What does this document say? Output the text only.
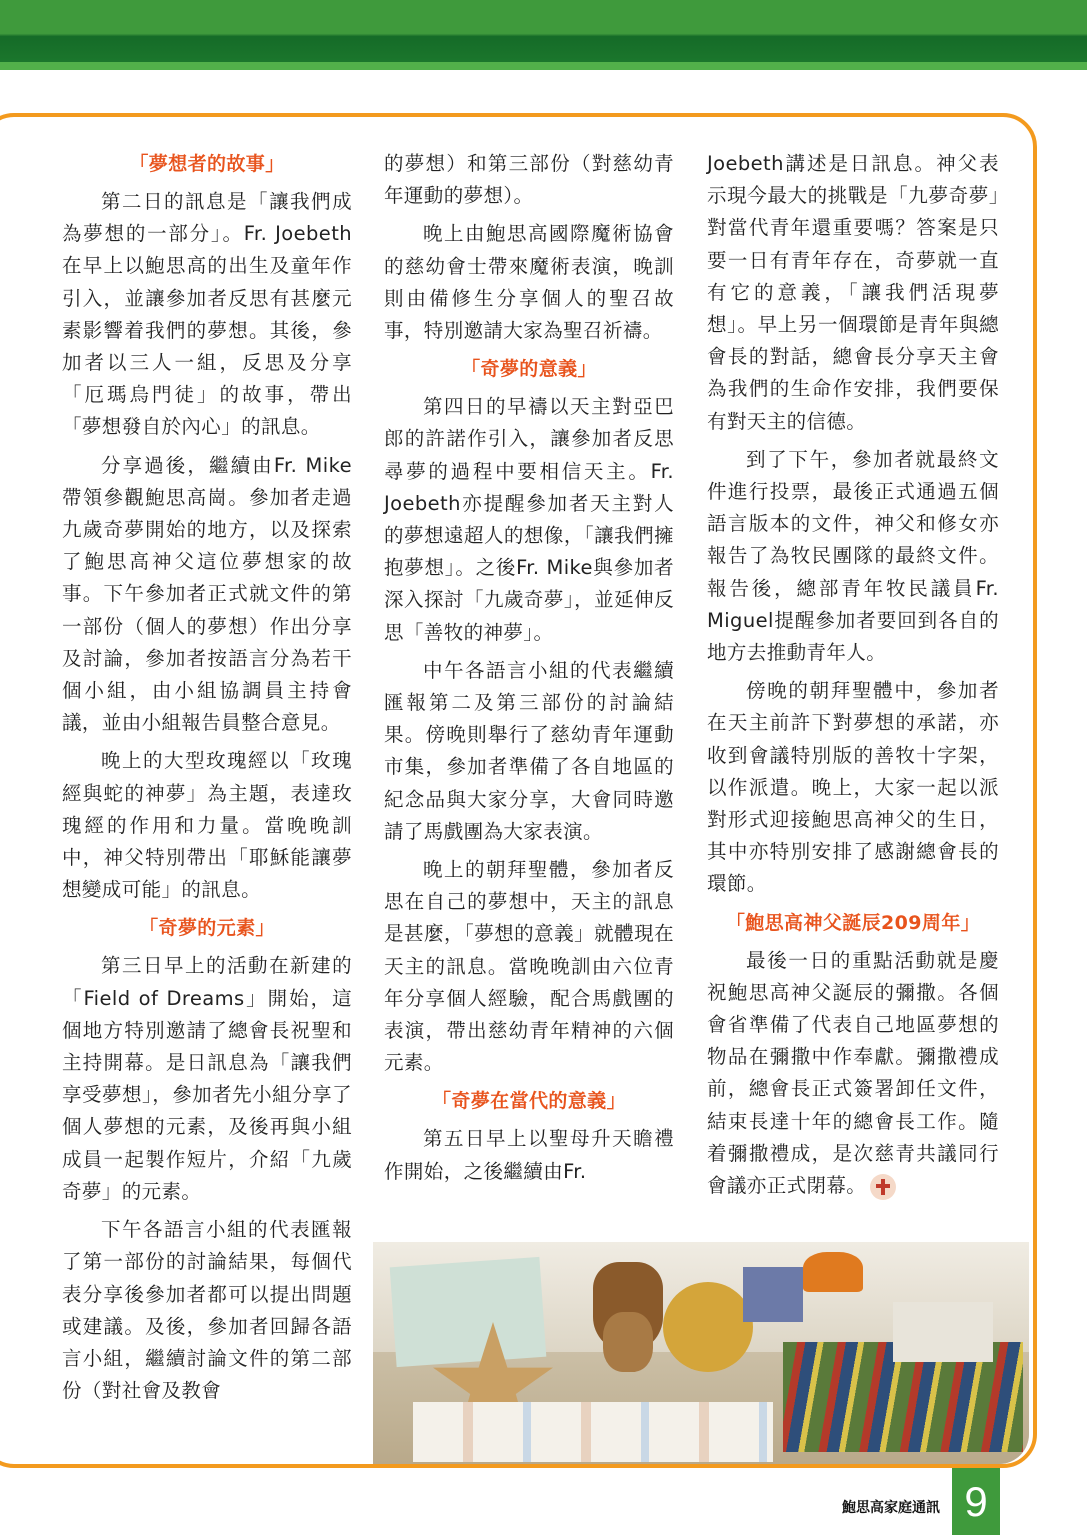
「夢想者的故事」

第二日的訊息是「讓我們成為夢想的一部分」。Fr. Joebeth在早上以鮑思高的出生及童年作引入，並讓參加者反思有甚麼元素影響着我們的夢想。其後，參加者以三人一組，反思及分享「厄瑪烏門徒」的故事，帶出「夢想發自於內心」的訊息。

分享過後，繼續由Fr. Mike帶領參觀鮑思高崗。參加者走過九歲奇夢開始的地方，以及探索了鮑思高神父這位夢想家的故事。下午參加者正式就文件的第一部份（個人的夢想）作出分享及討論，參加者按語言分為若干個小組，由小組協調員主持會議，並由小組報告員整合意見。

晚上的大型玫瑰經以「玫瑰經與蛇的神夢」為主題，表達玫瑰經的作用和力量。當晚晚訓中，神父特別帶出「耶穌能讓夢想變成可能」的訊息。

「奇夢的元素」

第三日早上的活動在新建的「Field of Dreams」開始，這個地方特別邀請了總會長祝聖和主持開幕。是日訊息為「讓我們享受夢想」，參加者先小組分享了個人夢想的元素，及後再與小組成員一起製作短片，介紹「九歲奇夢」的元素。

下午各語言小組的代表匯報了第一部份的討論結果，每個代表分享後參加者都可以提出問題或建議。及後，參加者回歸各語言小組，繼續討論文件的第二部份（對社會及教會

的夢想）和第三部份（對慈幼青年運動的夢想）。

晚上由鮑思高國際魔術協會的慈幼會士帶來魔術表演，晚訓則由備修生分享個人的聖召故事，特別邀請大家為聖召祈禱。

「奇夢的意義」

第四日的早禱以天主對亞巴郎的許諾作引入，讓參加者反思尋夢的過程中要相信天主。Fr. Joebeth亦提醒參加者天主對人的夢想遠超人的想像，「讓我們擁抱夢想」。之後Fr. Mike與參加者深入探討「九歲奇夢」，並延伸反思「善牧的神夢」。

中午各語言小組的代表繼續匯報第二及第三部份的討論結果。傍晚則舉行了慈幼青年運動市集，參加者準備了各自地區的紀念品與大家分享，大會同時邀請了馬戲團為大家表演。

晚上的朝拜聖體，參加者反思在自己的夢想中，天主的訊息是甚麼，「夢想的意義」就體現在天主的訊息。當晚晚訓由六位青年分享個人經驗，配合馬戲團的表演，帶出慈幼青年精神的六個元素。

「奇夢在當代的意義」

第五日早上以聖母升天瞻禮作開始，之後繼續由Fr.

Joebeth講述是日訊息。神父表示現今最大的挑戰是「九夢奇夢」對當代青年還重要嗎？答案是只要一日有青年存在，奇夢就一直有它的意義，「讓我們活現夢想」。早上另一個環節是青年與總會長的對話，總會長分享天主會為我們的生命作安排，我們要保有對天主的信德。

到了下午，參加者就最終文件進行投票，最後正式通過五個語言版本的文件，神父和修女亦報告了為牧民團隊的最終文件。報告後，總部青年牧民議員Fr. Miguel提醒參加者要回到各自的地方去推動青年人。

傍晚的朝拜聖體中，參加者在天主前許下對夢想的承諾，亦收到會議特別版的善牧十字架，以作派遣。晚上，大家一起以派對形式迎接鮑思高神父的生日，其中亦特別安排了感謝總會長的環節。

「鮑思高神父誕辰209周年」

最後一日的重點活動就是慶祝鮑思高神父誕辰的彌撒。各個會省準備了代表自己地區夢想的物品在彌撒中作奉獻。彌撒禮成前，總會長正式簽署卸任文件，結束長達十年的總會長工作。隨着彌撒禮成，是次慈青共議同行會議亦正式閉幕。

鮑思高家庭通訊 9
